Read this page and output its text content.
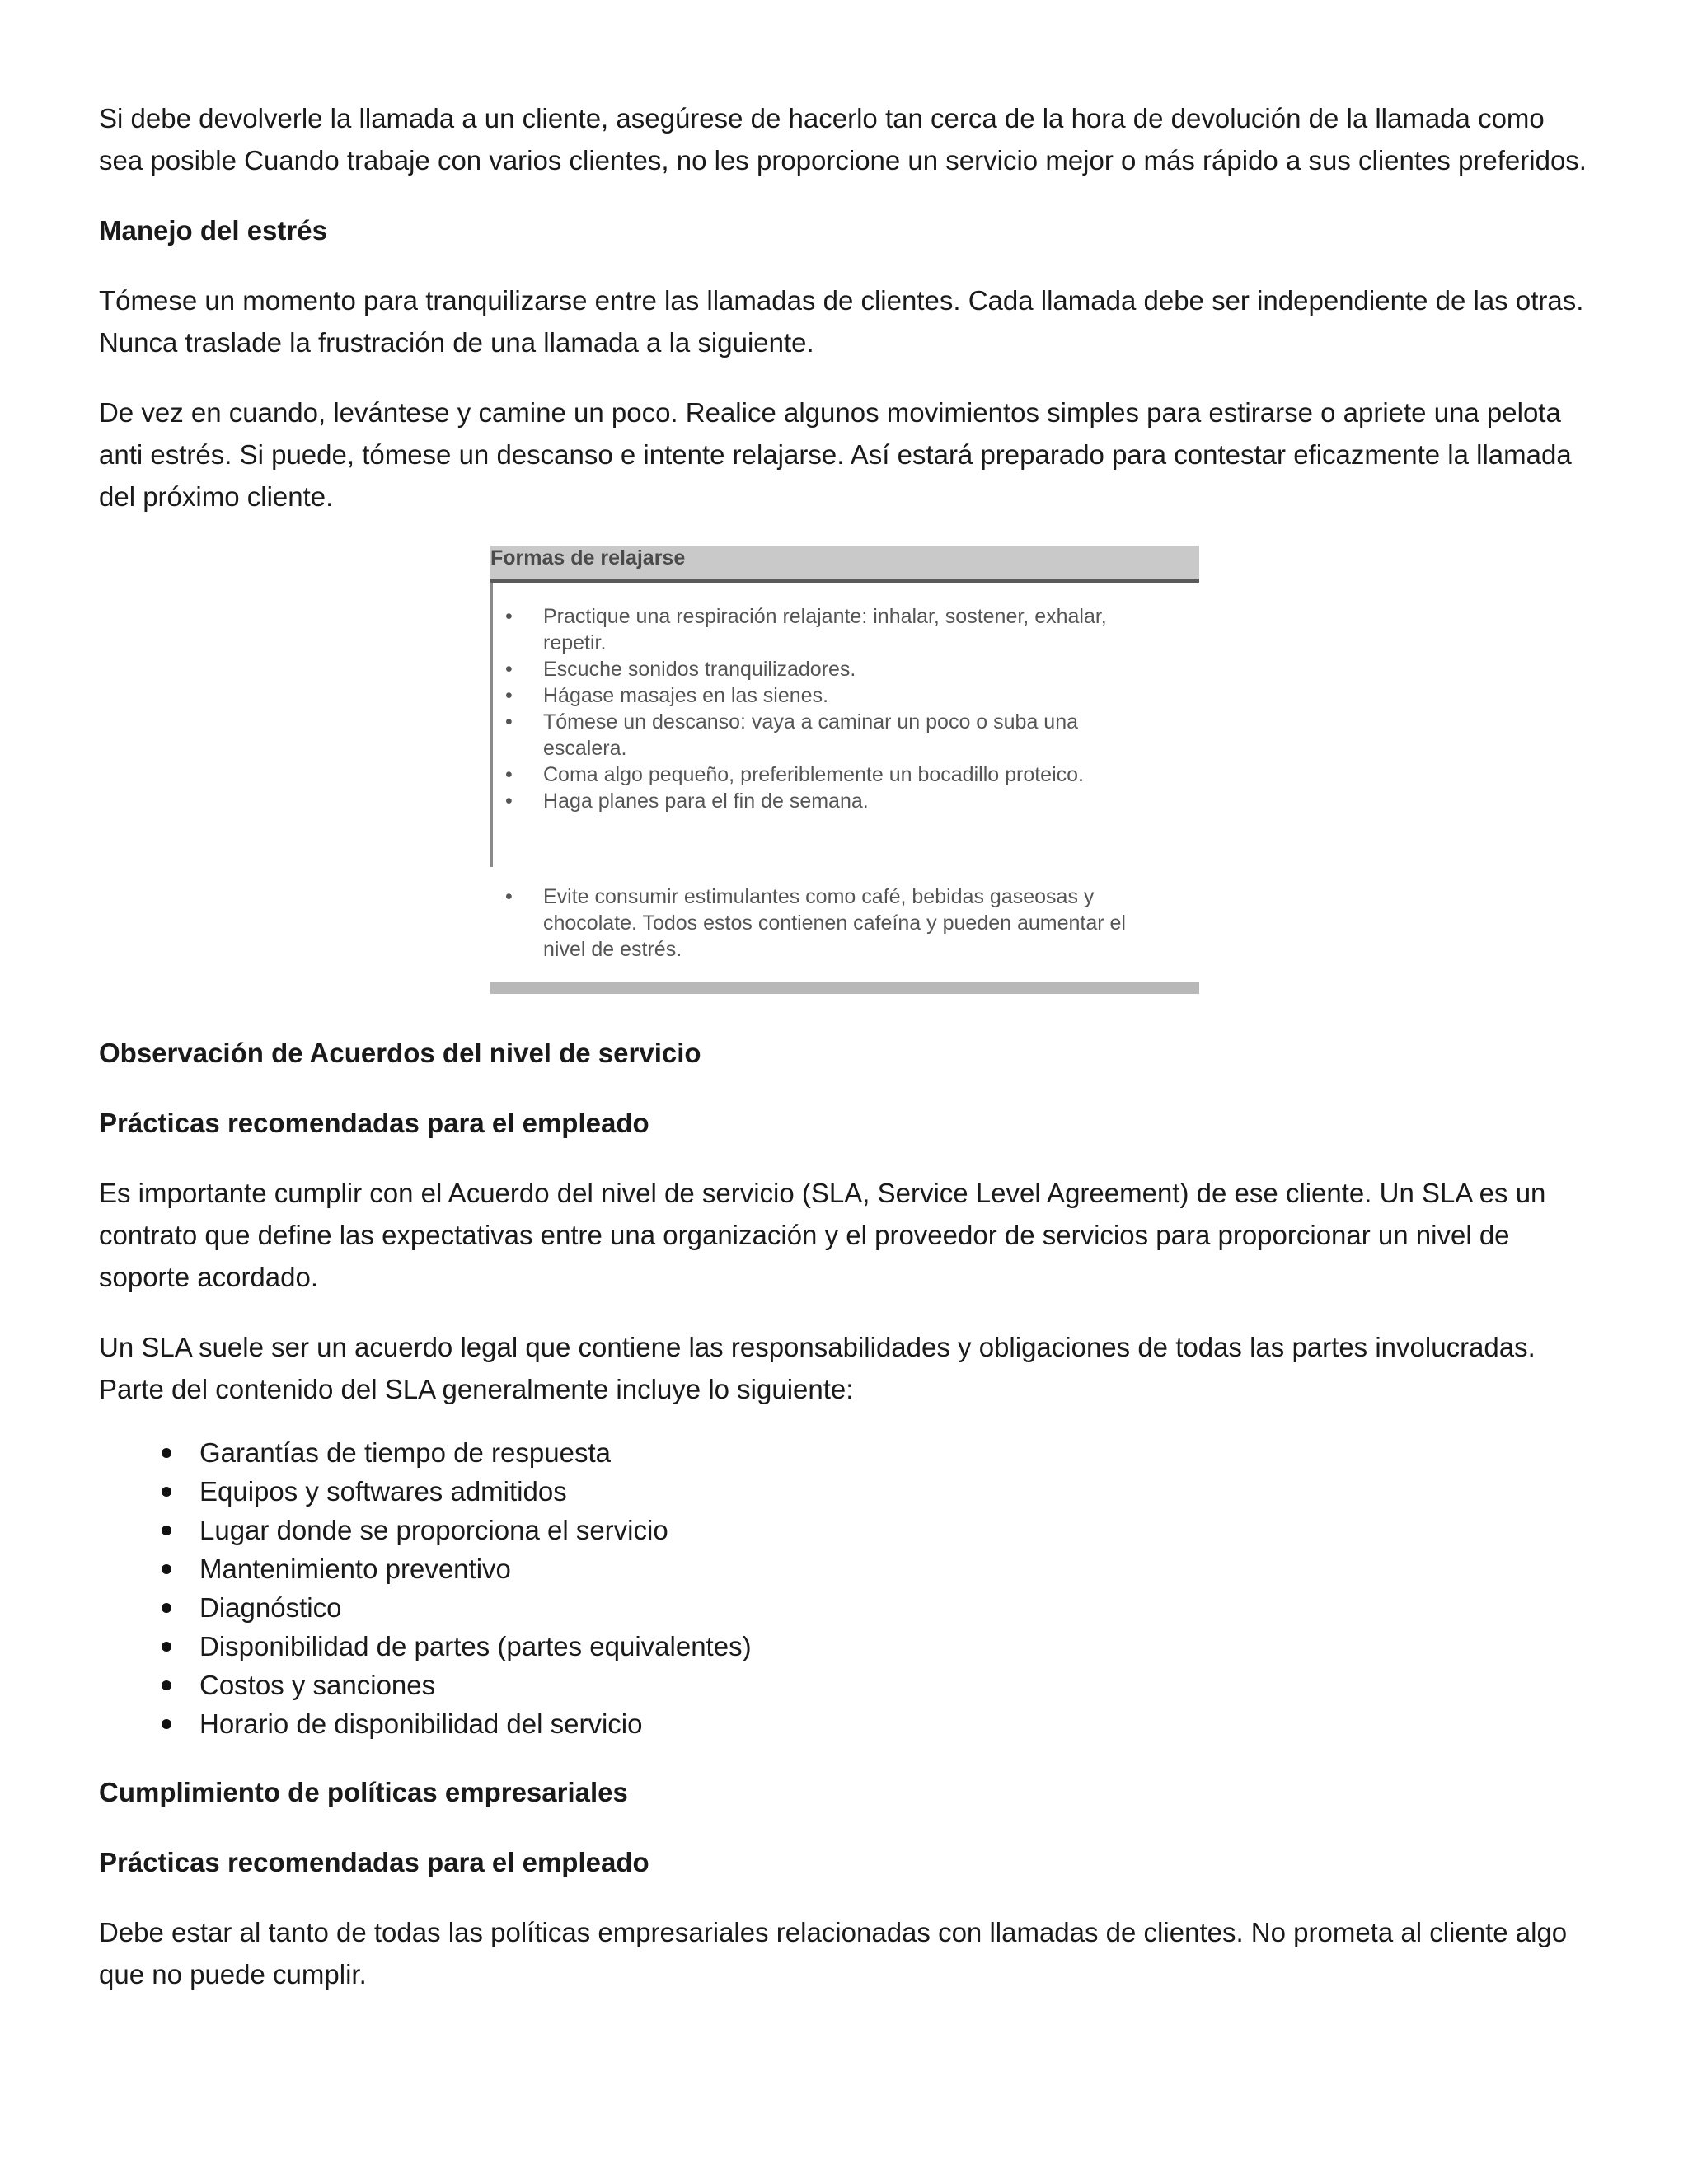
Si debe devolverle la llamada a un cliente, asegúrese de hacerlo tan cerca de la hora de devolución de la llamada como sea posible Cuando trabaje con varios clientes, no les proporcione un servicio mejor o más rápido a sus clientes preferidos.

Manejo del estrés

Tómese un momento para tranquilizarse entre las llamadas de clientes. Cada llamada debe ser independiente de las otras. Nunca traslade la frustración de una llamada a la siguiente.

De vez en cuando, levántese y camine un poco. Realice algunos movimientos simples para estirarse o apriete una pelota anti estrés. Si puede, tómese un descanso e intente relajarse. Así estará preparado para contestar eficazmente la llamada del próximo cliente.

Formas de relajarse
• Practique una respiración relajante: inhalar, sostener, exhalar, repetir.
• Escuche sonidos tranquilizadores.
• Hágase masajes en las sienes.
• Tómese un descanso: vaya a caminar un poco o suba una escalera.
• Coma algo pequeño, preferiblemente un bocadillo proteico.
• Haga planes para el fin de semana.
• Evite consumir estimulantes como café, bebidas gaseosas y chocolate. Todos estos contienen cafeína y pueden aumentar el nivel de estrés.

Observación de Acuerdos del nivel de servicio

Prácticas recomendadas para el empleado

Es importante cumplir con el Acuerdo del nivel de servicio (SLA, Service Level Agreement) de ese cliente. Un SLA es un contrato que define las expectativas entre una organización y el proveedor de servicios para proporcionar un nivel de soporte acordado.

Un SLA suele ser un acuerdo legal que contiene las responsabilidades y obligaciones de todas las partes involucradas. Parte del contenido del SLA generalmente incluye lo siguiente:

Garantías de tiempo de respuesta
Equipos y softwares admitidos
Lugar donde se proporciona el servicio
Mantenimiento preventivo
Diagnóstico
Disponibilidad de partes (partes equivalentes)
Costos y sanciones
Horario de disponibilidad del servicio

Cumplimiento de políticas empresariales

Prácticas recomendadas para el empleado

Debe estar al tanto de todas las políticas empresariales relacionadas con llamadas de clientes. No prometa al cliente algo que no puede cumplir.
